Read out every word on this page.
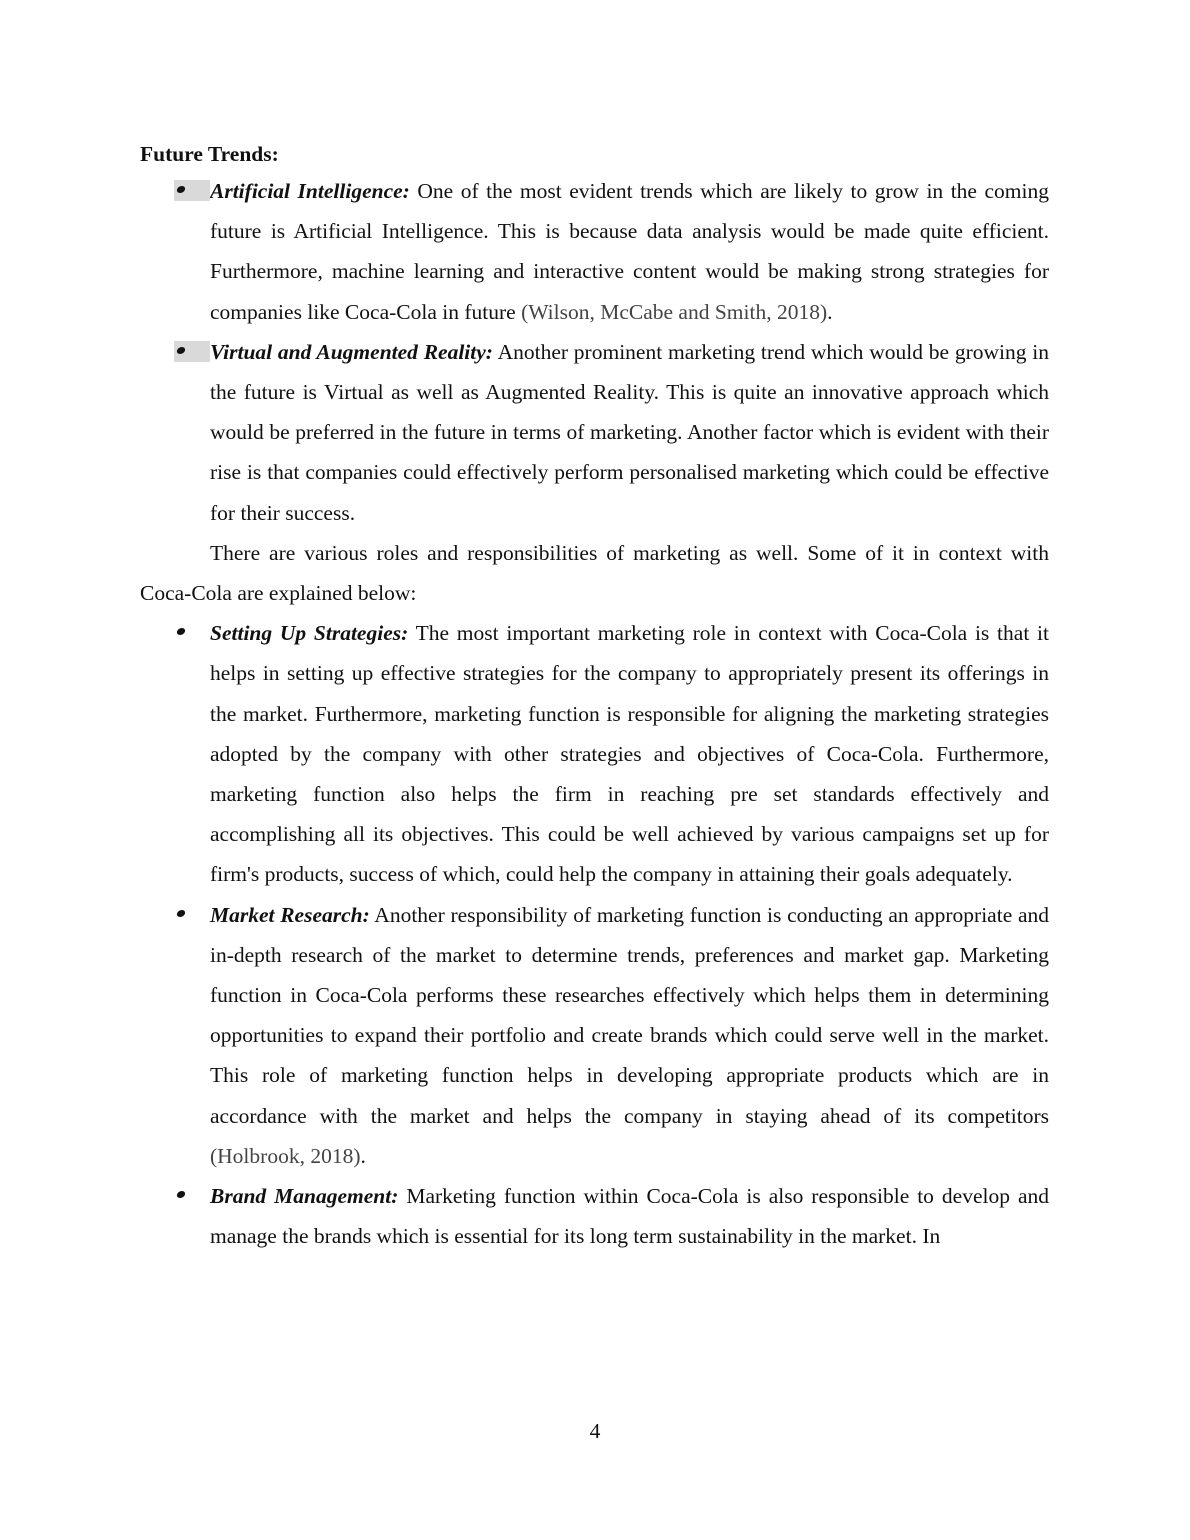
Future Trends:

Artificial Intelligence: One of the most evident trends which are likely to grow in the coming future is Artificial Intelligence. This is because data analysis would be made quite efficient. Furthermore, machine learning and interactive content would be making strong strategies for companies like Coca-Cola in future (Wilson, McCabe and Smith, 2018).
Virtual and Augmented Reality: Another prominent marketing trend which would be growing in the future is Virtual as well as Augmented Reality. This is quite an innovative approach which would be preferred in the future in terms of marketing. Another factor which is evident with their rise is that companies could effectively perform personalised marketing which could be effective for their success.

There are various roles and responsibilities of marketing as well. Some of it in context with Coca-Cola are explained below:

Setting Up Strategies: The most important marketing role in context with Coca-Cola is that it helps in setting up effective strategies for the company to appropriately present its offerings in the market. Furthermore, marketing function is responsible for aligning the marketing strategies adopted by the company with other strategies and objectives of Coca-Cola. Furthermore, marketing function also helps the firm in reaching pre set standards effectively and accomplishing all its objectives. This could be well achieved by various campaigns set up for firm's products, success of which, could help the company in attaining their goals adequately.
Market Research: Another responsibility of marketing function is conducting an appropriate and in-depth research of the market to determine trends, preferences and market gap. Marketing function in Coca-Cola performs these researches effectively which helps them in determining opportunities to expand their portfolio and create brands which could serve well in the market. This role of marketing function helps in developing appropriate products which are in accordance with the market and helps the company in staying ahead of its competitors (Holbrook, 2018).
Brand Management: Marketing function within Coca-Cola is also responsible to develop and manage the brands which is essential for its long term sustainability in the market. In
4
